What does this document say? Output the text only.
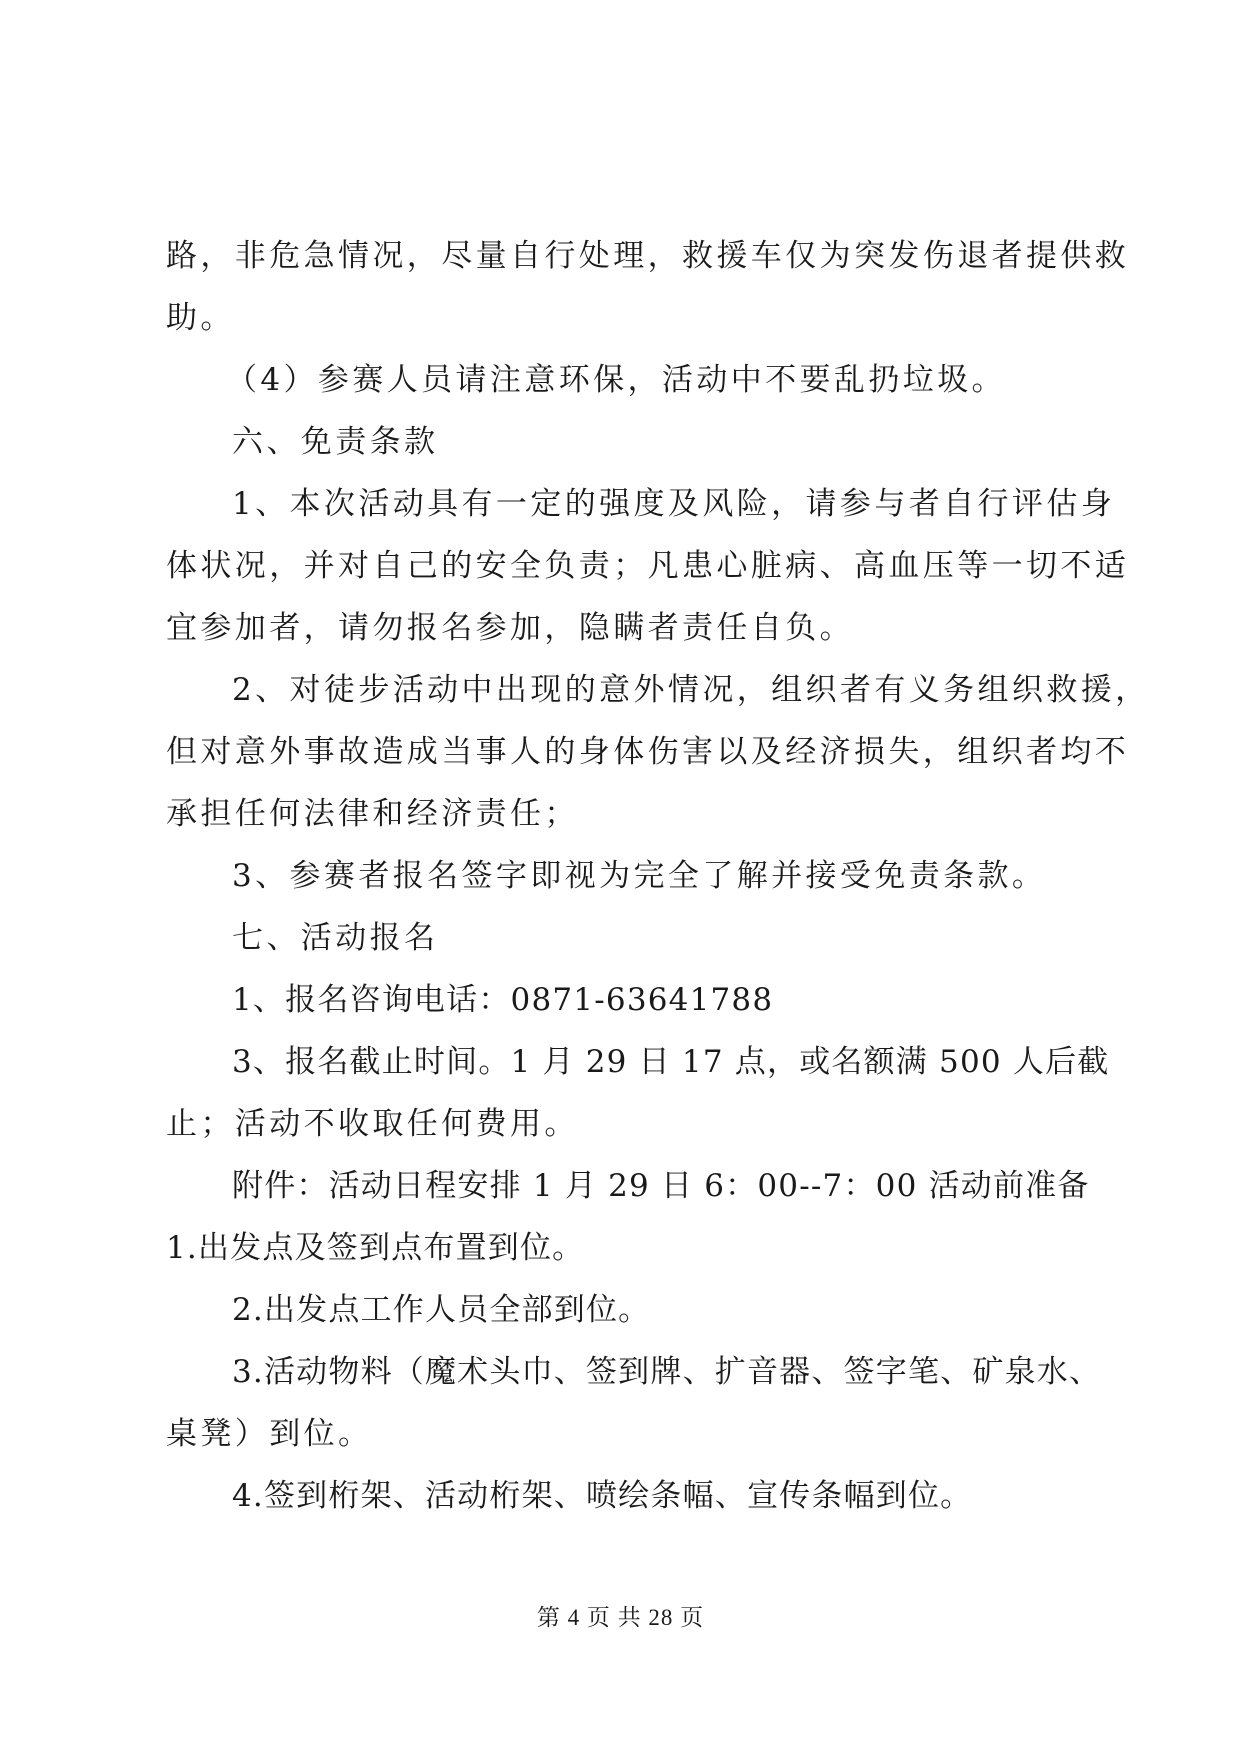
路，非危急情况，尽量自行处理，救援车仅为突发伤退者提供救
助。
（4）参赛人员请注意环保，活动中不要乱扔垃圾。
六、免责条款
1、本次活动具有一定的强度及风险，请参与者自行评估身
体状况，并对自己的安全负责；凡患心脏病、高血压等一切不适
宜参加者，请勿报名参加，隐瞒者责任自负。
2、对徒步活动中出现的意外情况，组织者有义务组织救援，
但对意外事故造成当事人的身体伤害以及经济损失，组织者均不
承担任何法律和经济责任；
3、参赛者报名签字即视为完全了解并接受免责条款。
七、活动报名
1、报名咨询电话：0871-63641788
3、报名截止时间。1 月 29 日 17 点，或名额满 500 人后截
止；活动不收取任何费用。
附件：活动日程安排 1 月 29 日 6：00--7：00 活动前准备
1.出发点及签到点布置到位。
2.出发点工作人员全部到位。
3.活动物料（魔术头巾、签到牌、扩音器、签字笔、矿泉水、
桌凳）到位。
4.签到桁架、活动桁架、喷绘条幅、宣传条幅到位。
第 4 页 共 28 页
